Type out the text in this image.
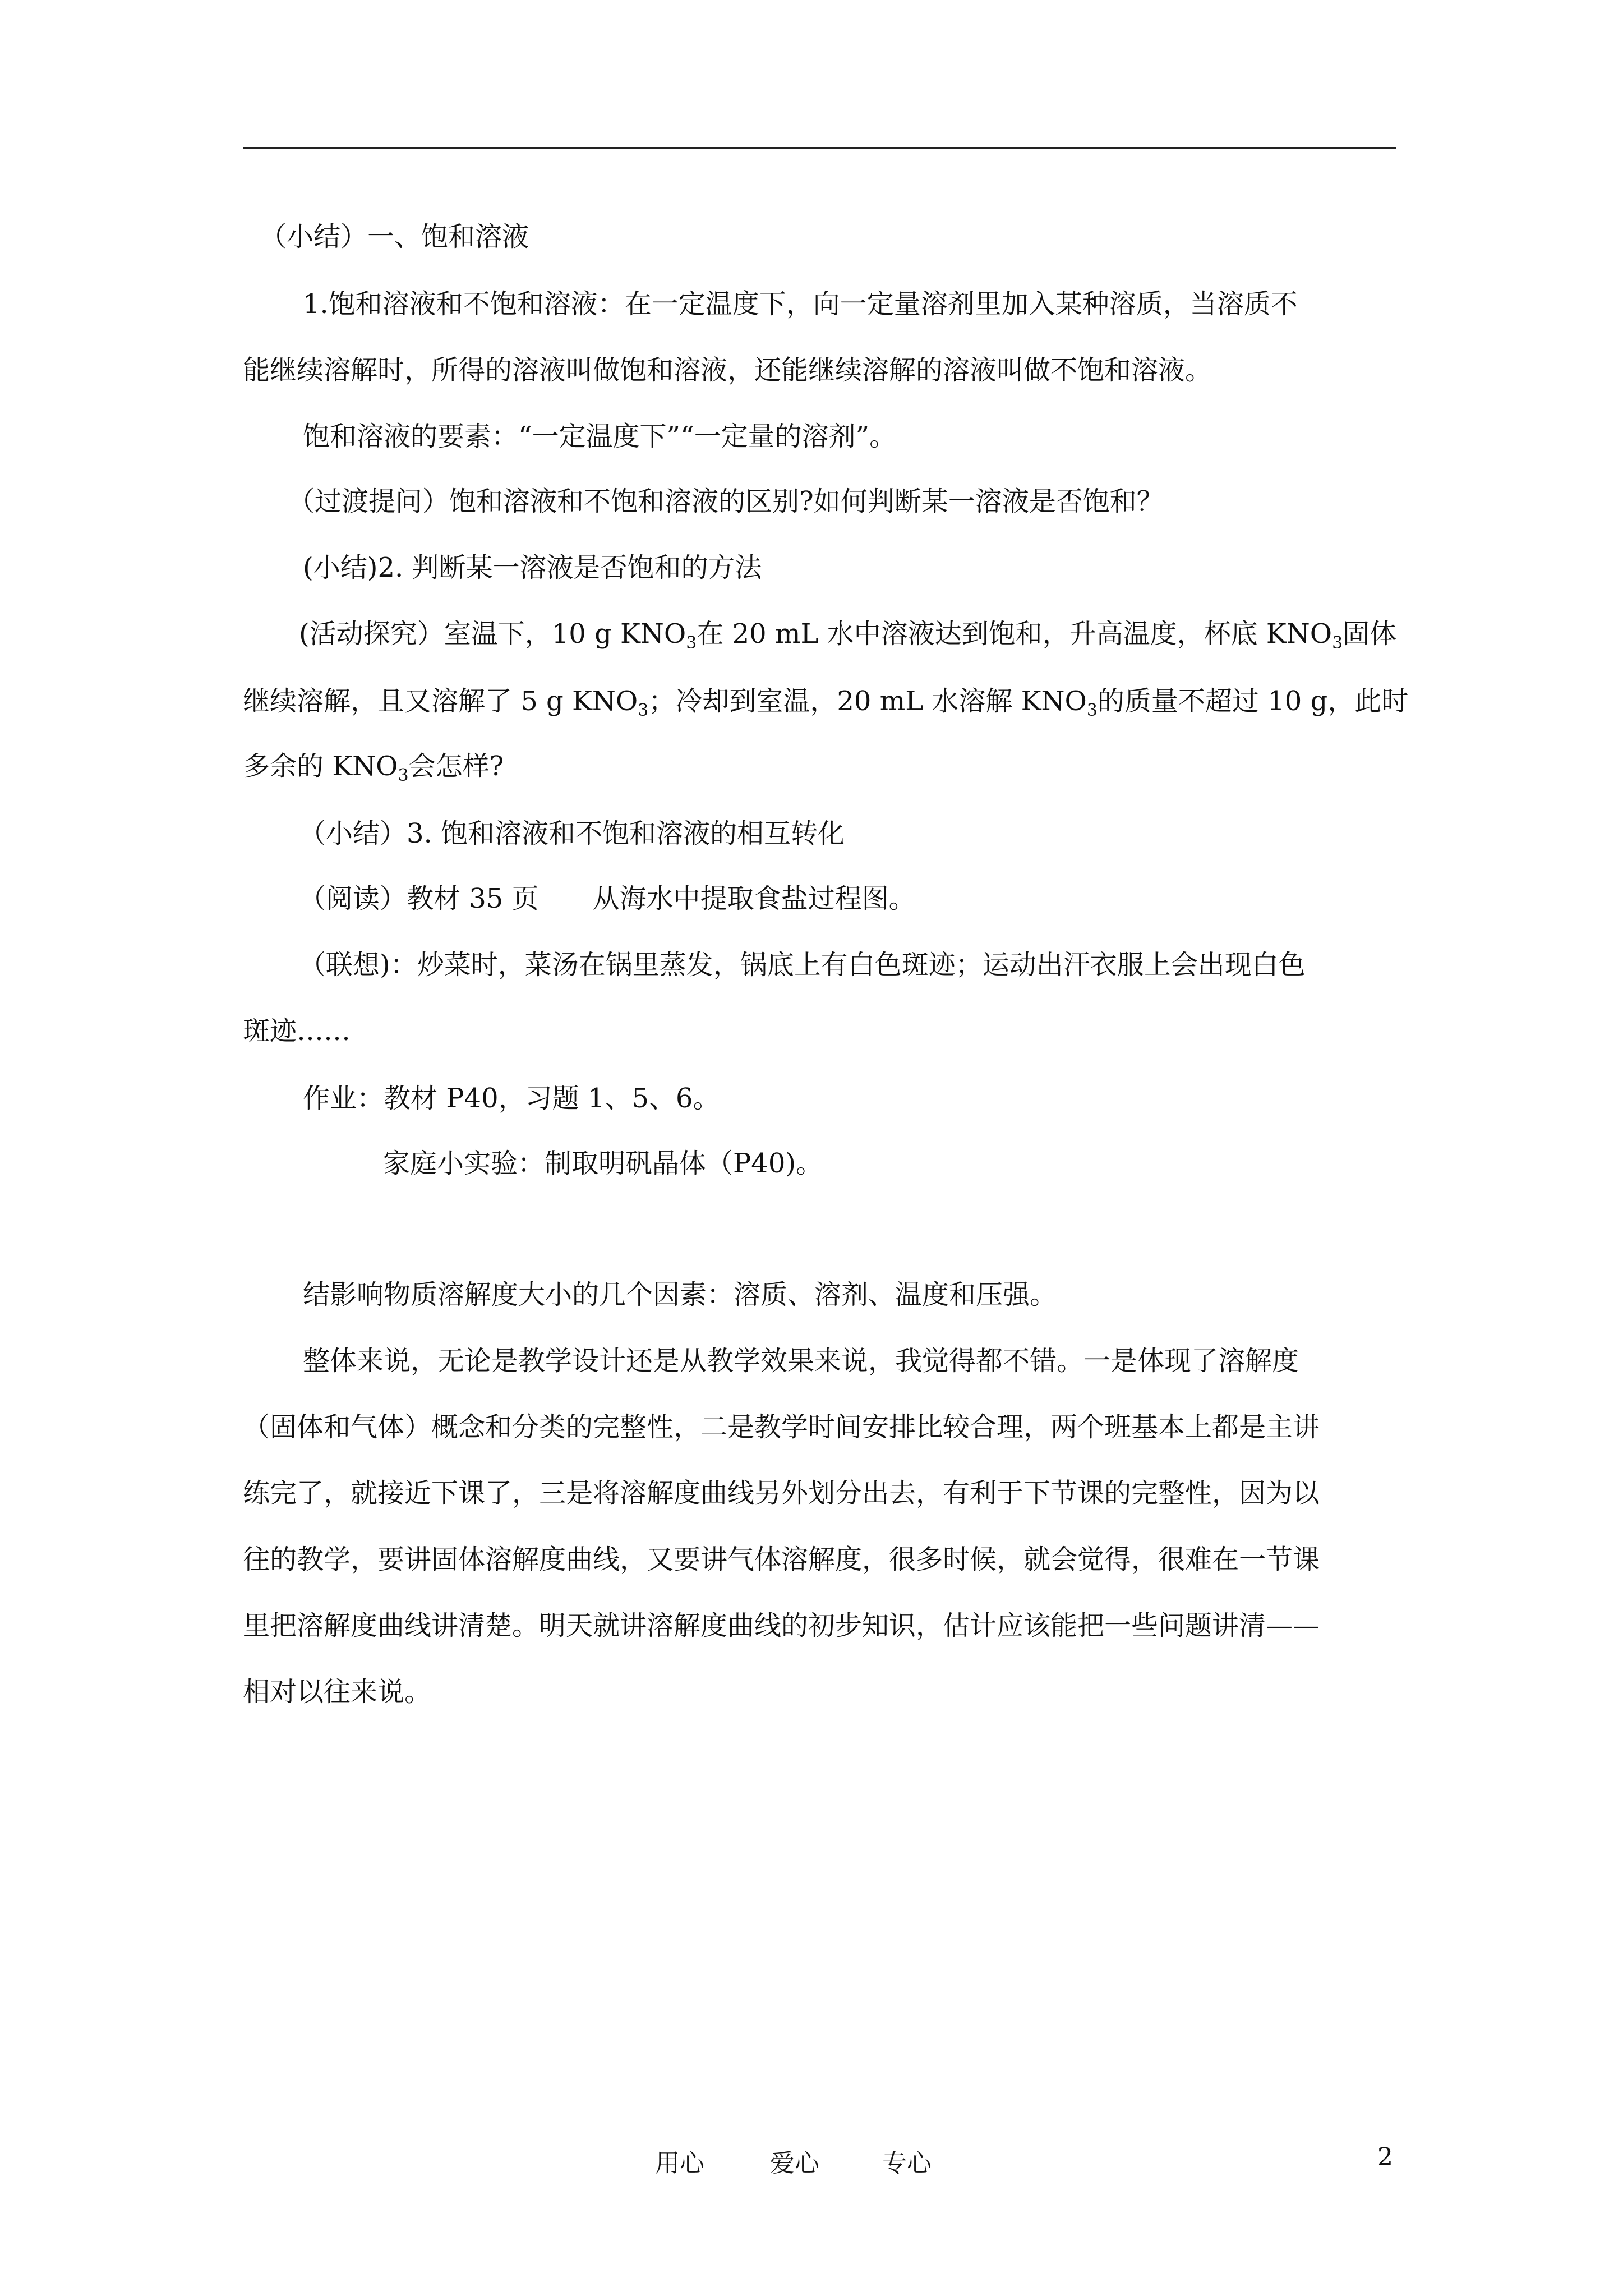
（小结）一、饱和溶液
1.饱和溶液和不饱和溶液：在一定温度下，向一定量溶剂里加入某种溶质，当溶质不
能继续溶解时，所得的溶液叫做饱和溶液，还能继续溶解的溶液叫做不饱和溶液。
饱和溶液的要素：“一定温度下”“一定量的溶剂”。
（过渡提问）饱和溶液和不饱和溶液的区别?如何判断某一溶液是否饱和？
(小结)2. 判断某一溶液是否饱和的方法
(活动探究）室温下，10 g $KNO_3$在 20 mL 水中溶液达到饱和，升高温度，杯底 $KNO_3$固体
继续溶解，且又溶解了 5 g $KNO_3$；冷却到室温，20 mL 水溶解 $KNO_3$的质量不超过 10 g，此时
多余的 $KNO_3$会怎样?
（小结）3. 饱和溶液和不饱和溶液的相互转化
（阅读）教材 35 页　　从海水中提取食盐过程图。
（联想)：炒菜时，菜汤在锅里蒸发，锅底上有白色斑迹；运动出汗衣服上会出现白色
斑迹……
作业：教材 P40，习题 1、5、6。
家庭小实验：制取明矾晶体（P40)。
结影响物质溶解度大小的几个因素：溶质、溶剂、温度和压强。
整体来说，无论是教学设计还是从教学效果来说，我觉得都不错。一是体现了溶解度
（固体和气体）概念和分类的完整性，二是教学时间安排比较合理，两个班基本上都是主讲
练完了，就接近下课了，三是将溶解度曲线另外划分出去，有利于下节课的完整性，因为以
往的教学，要讲固体溶解度曲线，又要讲气体溶解度，很多时候，就会觉得，很难在一节课
里把溶解度曲线讲清楚。明天就讲溶解度曲线的初步知识，估计应该能把一些问题讲清——
相对以往来说。
用心	爱心	专心	2
